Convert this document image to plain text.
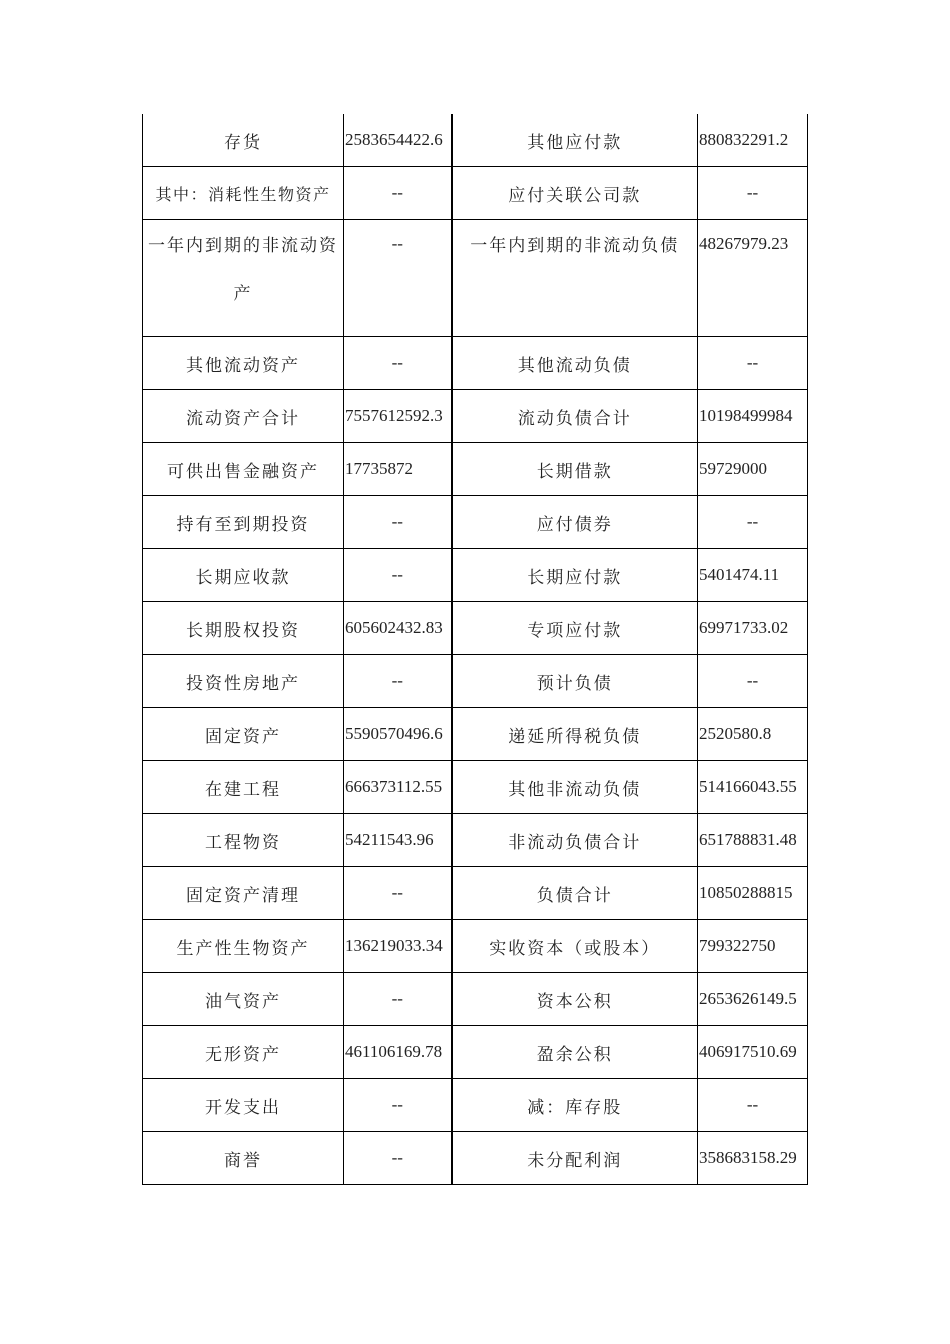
存货	2583654422.6	其他应付款	880832291.2
其中：消耗性生物资产	--	应付关联公司款	--
一年内到期的非流动资产	--	一年内到期的非流动负债	48267979.23
其他流动资产	--	其他流动负债	--
流动资产合计	7557612592.3	流动负债合计	10198499984
可供出售金融资产	17735872	长期借款	59729000
持有至到期投资	--	应付债券	--
长期应收款	--	长期应付款	5401474.11
长期股权投资	605602432.83	专项应付款	69971733.02
投资性房地产	--	预计负债	--
固定资产	5590570496.6	递延所得税负债	2520580.8
在建工程	666373112.55	其他非流动负债	514166043.55
工程物资	54211543.96	非流动负债合计	651788831.48
固定资产清理	--	负债合计	10850288815
生产性生物资产	136219033.34	实收资本（或股本）	799322750
油气资产	--	资本公积	2653626149.5
无形资产	461106169.78	盈余公积	406917510.69
开发支出	--	减：库存股	--
商誉	--	未分配利润	358683158.29
